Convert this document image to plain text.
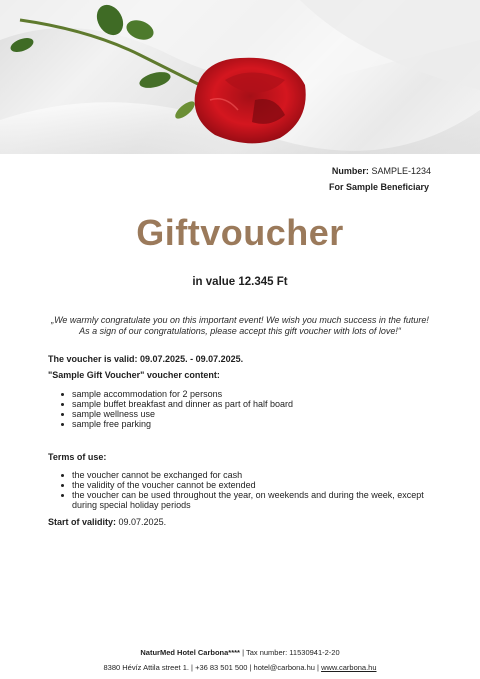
Number: SAMPLE-1234
For Sample Beneficiary
Giftvoucher
in value 12.345 Ft
„We warmly congratulate you on this important event! We wish you much success in the future! As a sign of our congratulations, please accept this gift voucher with lots of love!“
The voucher is valid: 09.07.2025. - 09.07.2025.
"Sample Gift Voucher" voucher content:
sample accommodation for 2 persons
sample buffet breakfast and dinner as part of half board
sample wellness use
sample free parking
Terms of use:
the voucher cannot be exchanged for cash
the validity of the voucher cannot be extended
the voucher can be used throughout the year, on weekends and during the week, except during special holiday periods
Start of validity: 09.07.2025.
NaturMed Hotel Carbona**** | Tax number: 11530941-2-20
8380 Hévíz Attila street 1. | +36 83 501 500 | hotel@carbona.hu | www.carbona.hu
